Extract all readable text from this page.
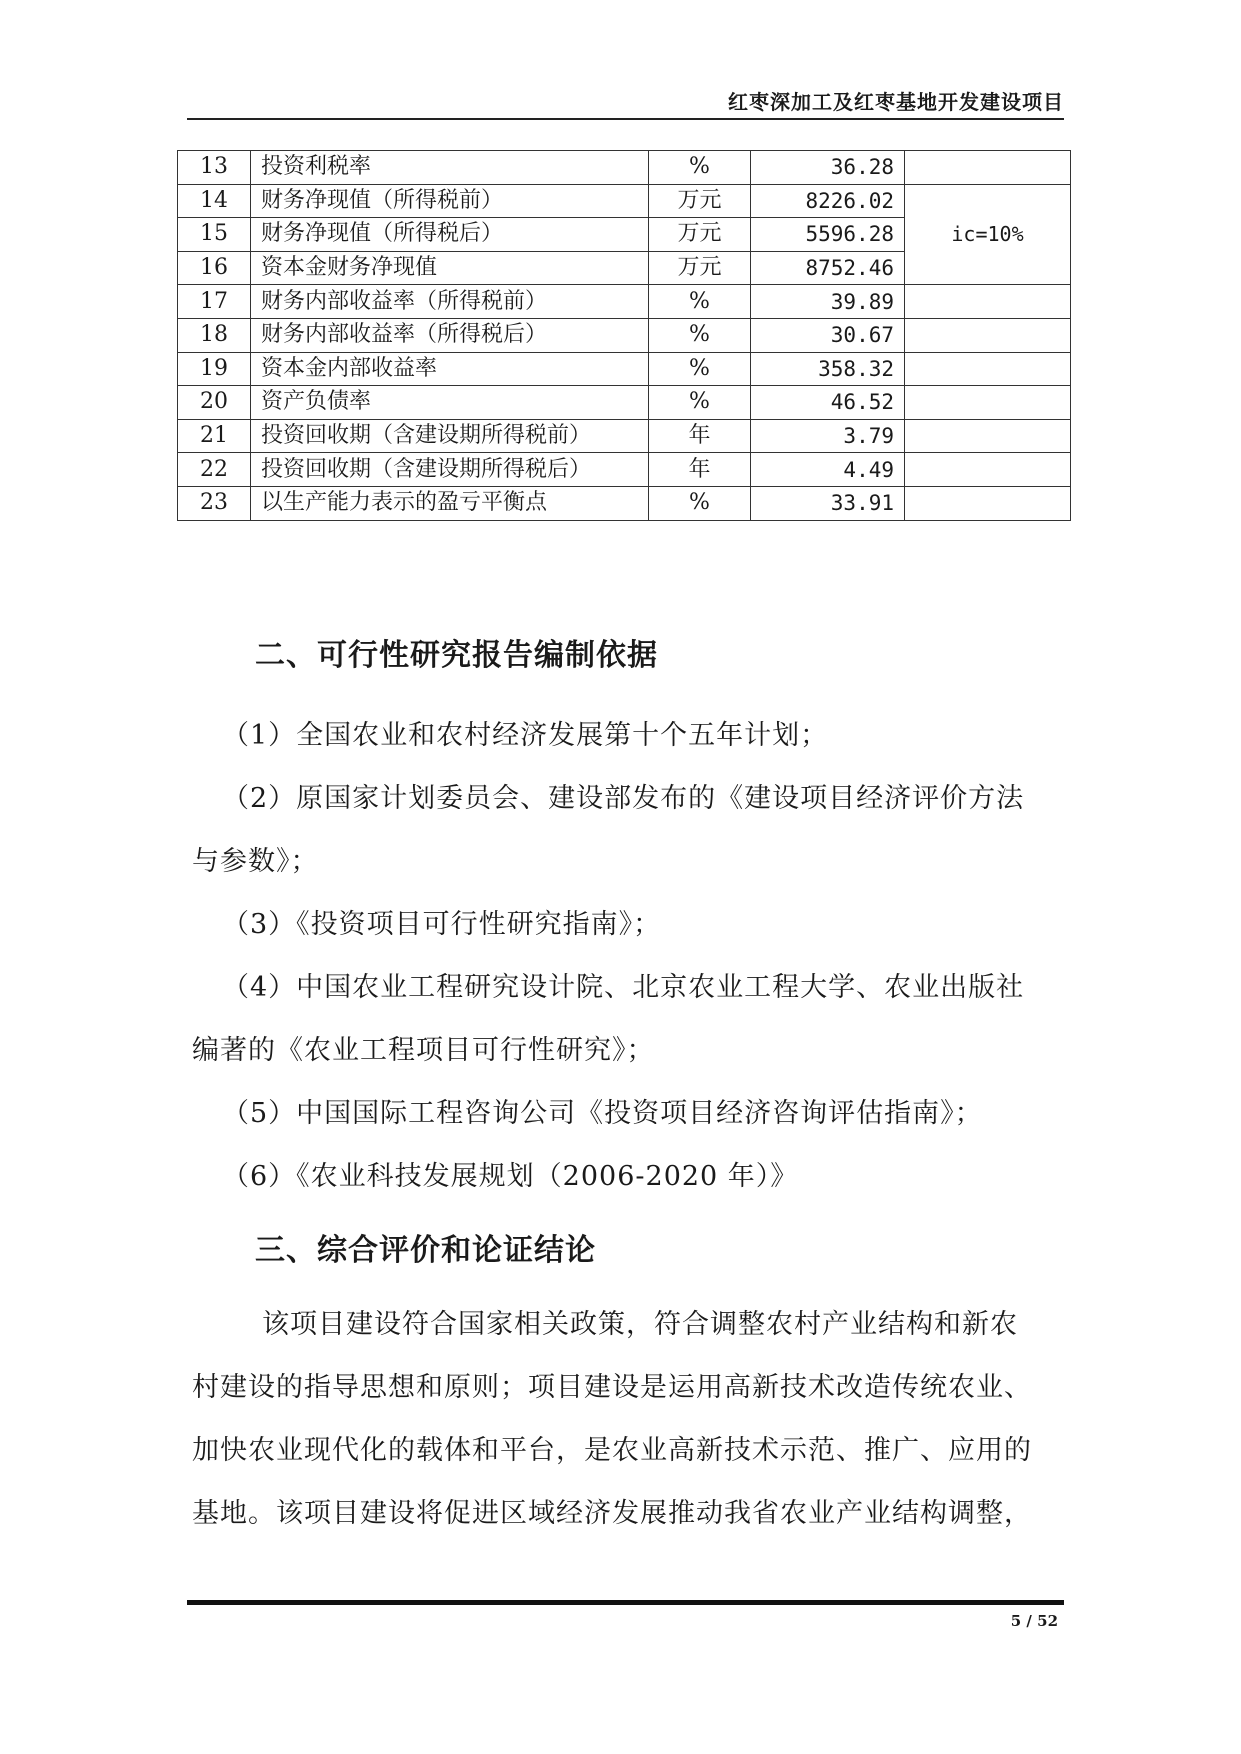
红枣深加工及红枣基地开发建设项目
13	投资利税率	%	36.28	
14	财务净现值（所得税前）	万元	8226.02	ic=10%
15	财务净现值（所得税后）	万元	5596.28	
16	资本金财务净现值	万元	8752.46	
17	财务内部收益率（所得税前）	%	39.89	
18	财务内部收益率（所得税后）	%	30.67	
19	资本金内部收益率	%	358.32	
20	资产负债率	%	46.52	
21	投资回收期（含建设期所得税前）	年	3.79	
22	投资回收期（含建设期所得税后）	年	4.49	
23	以生产能力表示的盈亏平衡点	%	33.91	
二、可行性研究报告编制依据
（1）全国农业和农村经济发展第十个五年计划；
（2）原国家计划委员会、建设部发布的《建设项目经济评价方法
与参数》；
（3）《投资项目可行性研究指南》；
（4）中国农业工程研究设计院、北京农业工程大学、农业出版社
编著的《农业工程项目可行性研究》；
（5）中国国际工程咨询公司《投资项目经济咨询评估指南》；
（6）《农业科技发展规划（2006-2020 年）》
三、综合评价和论证结论
该项目建设符合国家相关政策，符合调整农村产业结构和新农
村建设的指导思想和原则；项目建设是运用高新技术改造传统农业、
加快农业现代化的载体和平台，是农业高新技术示范、推广、应用的
基地。该项目建设将促进区域经济发展推动我省农业产业结构调整，
5 / 52
